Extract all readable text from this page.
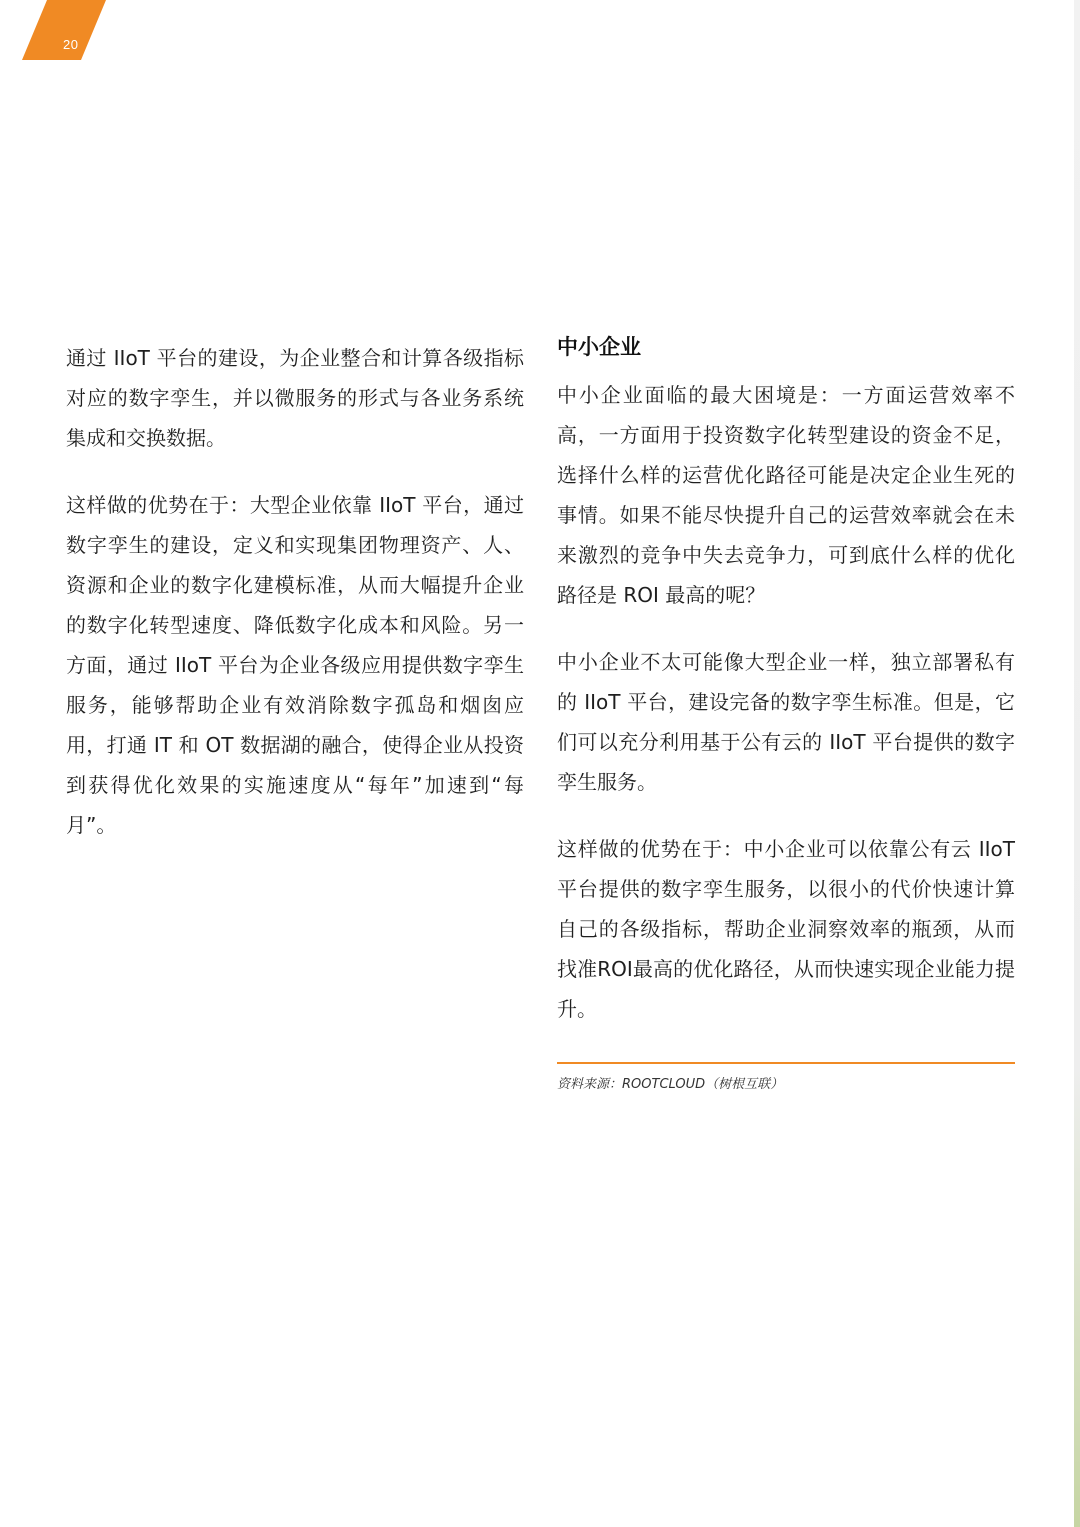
20

通过 IIoT 平台的建设，为企业整合和计算各级指标对应的数字孪生，并以微服务的形式与各业务系统集成和交换数据。

这样做的优势在于：大型企业依靠 IIoT 平台，通过数字孪生的建设，定义和实现集团物理资产、人、资源和企业的数字化建模标准，从而大幅提升企业的数字化转型速度、降低数字化成本和风险。另一方面，通过 IIoT 平台为企业各级应用提供数字孪生服务，能够帮助企业有效消除数字孤岛和烟囱应用，打通 IT 和 OT 数据湖的融合，使得企业从投资到获得优化效果的实施速度从“每年”加速到“每月”。

中小企业

中小企业面临的最大困境是：一方面运营效率不高，一方面用于投资数字化转型建设的资金不足，选择什么样的运营优化路径可能是决定企业生死的事情。如果不能尽快提升自己的运营效率就会在未来激烈的竞争中失去竞争力，可到底什么样的优化路径是 ROI 最高的呢？

中小企业不太可能像大型企业一样，独立部署私有的 IIoT 平台，建设完备的数字孪生标准。但是，它们可以充分利用基于公有云的 IIoT 平台提供的数字孪生服务。

这样做的优势在于：中小企业可以依靠公有云 IIoT 平台提供的数字孪生服务，以很小的代价快速计算自己的各级指标，帮助企业洞察效率的瓶颈，从而找准ROI最高的优化路径，从而快速实现企业能力提升。

资料来源：ROOTCLOUD（树根互联）
